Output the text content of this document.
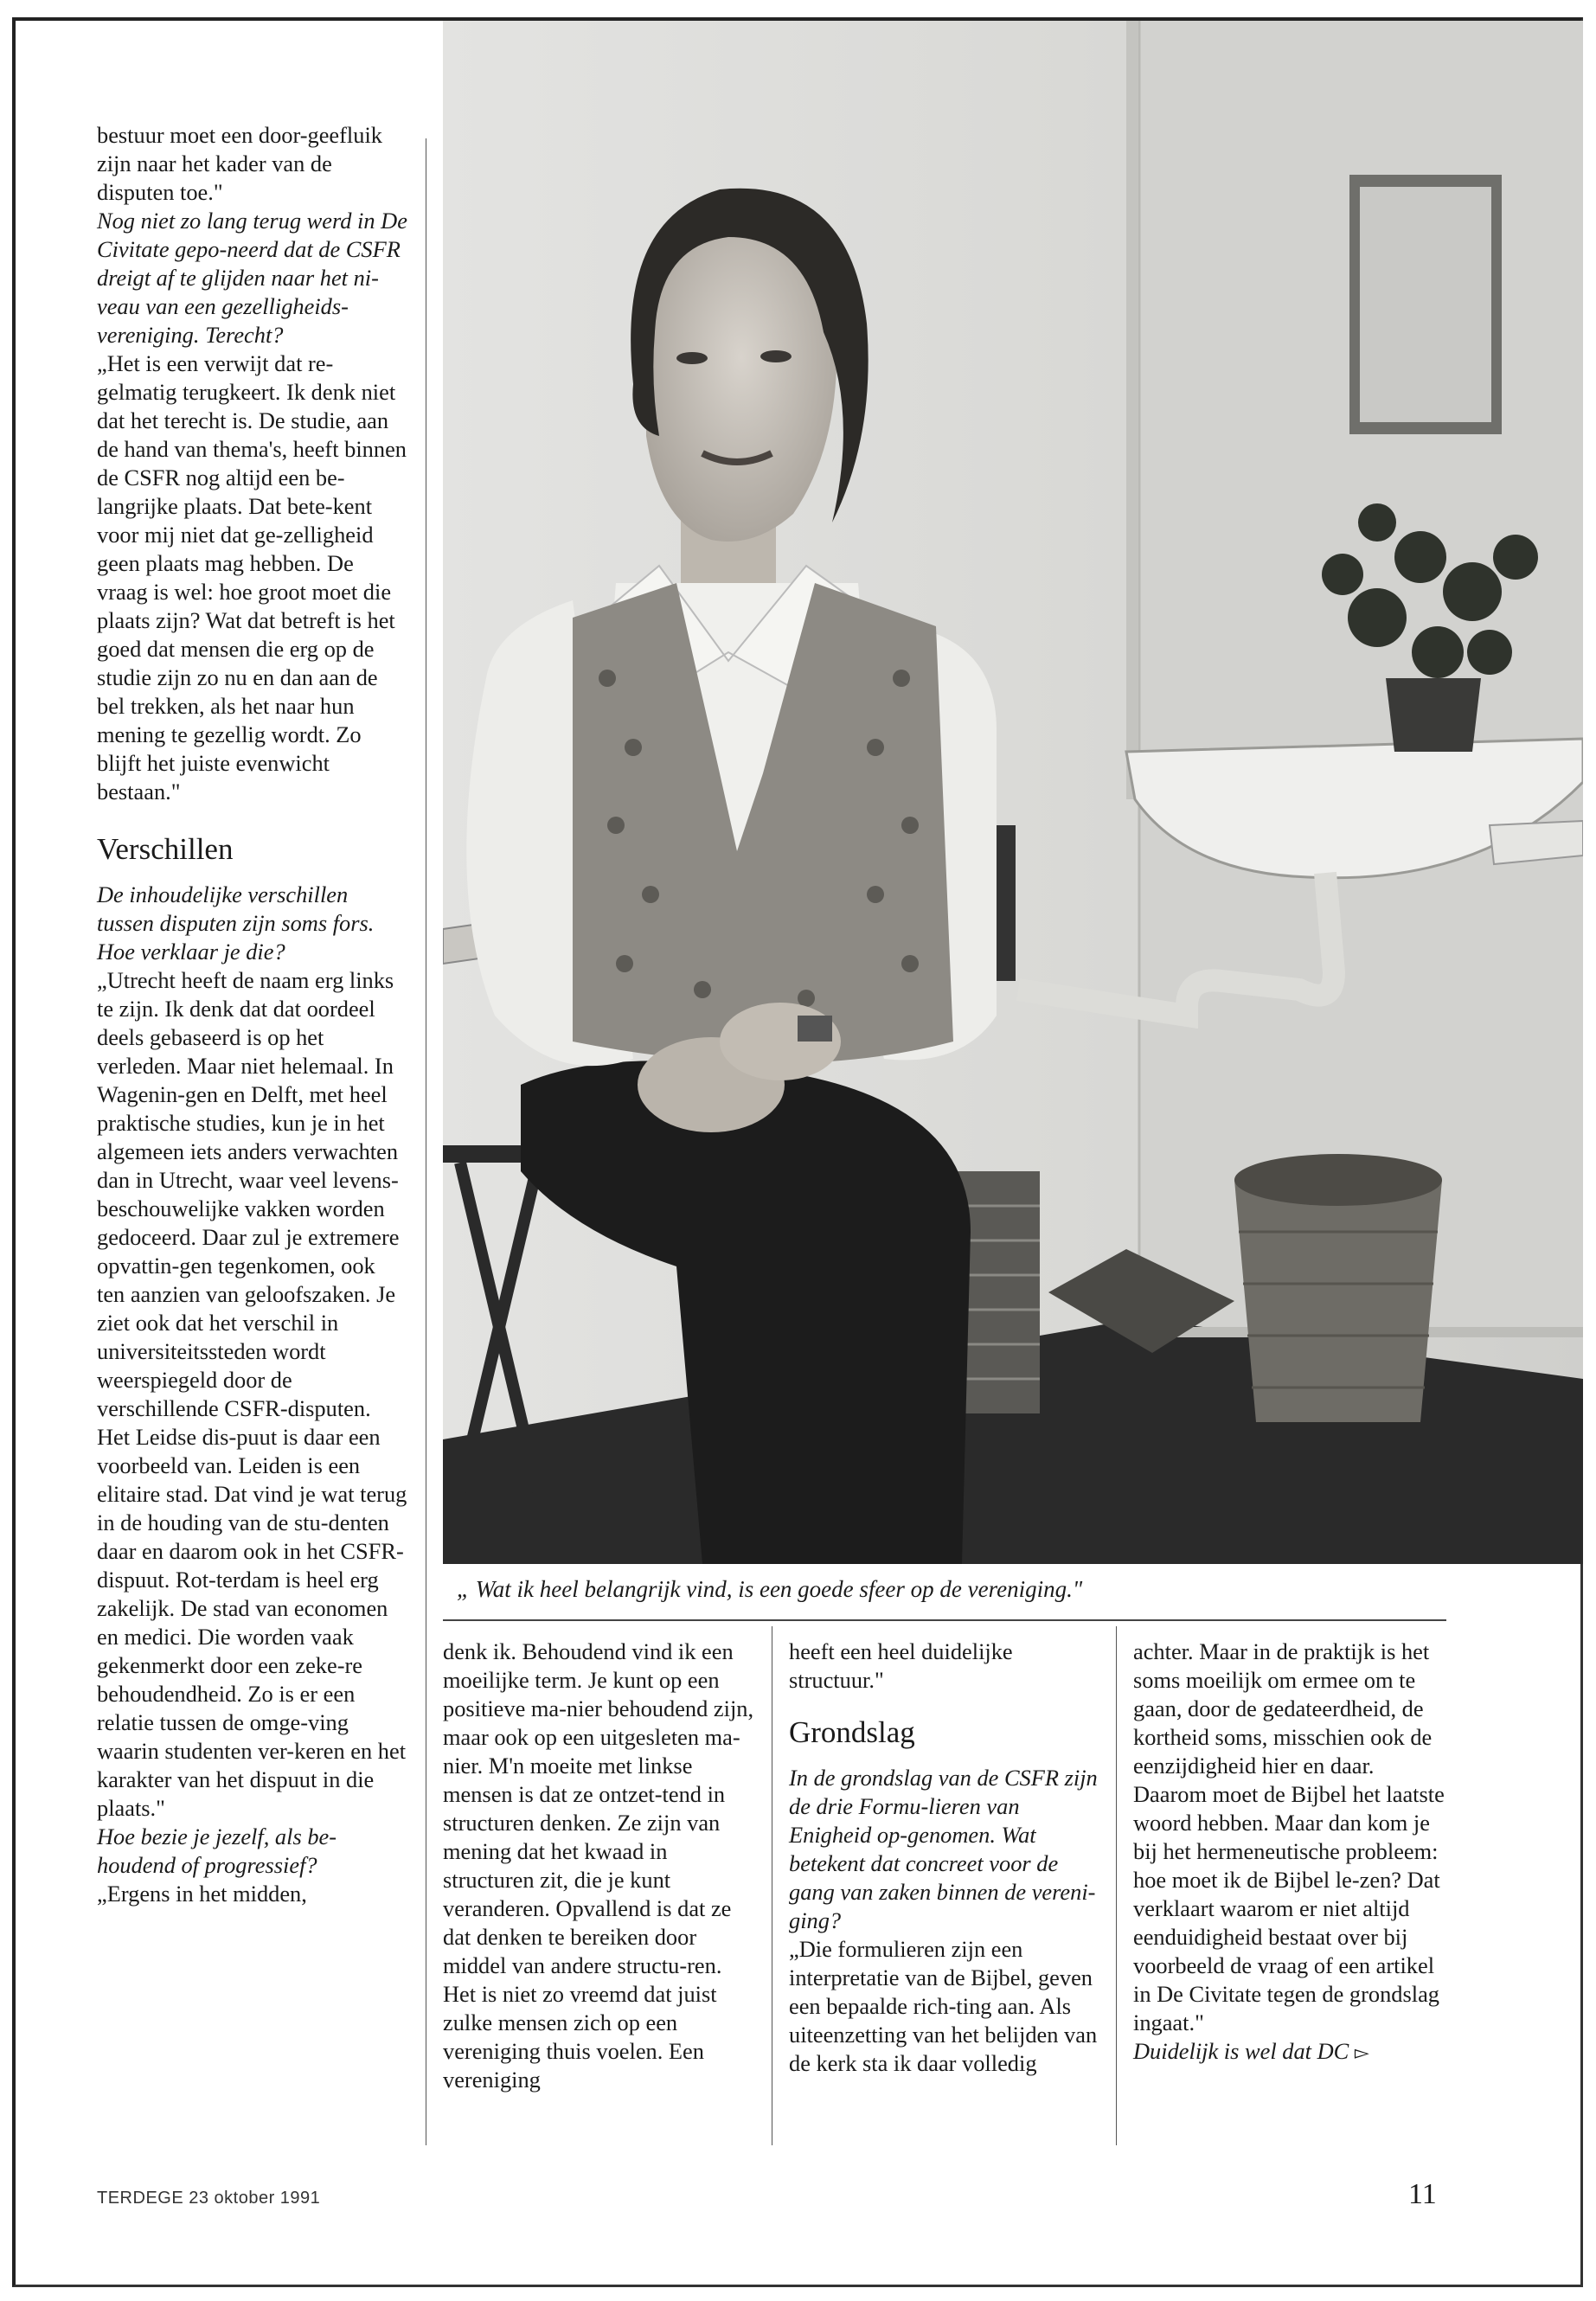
bestuur moet een door-geefluik zijn naar het kader van de disputen toe."

Nog niet zo lang terug werd in De Civitate gepo-neerd dat de CSFR dreigt af te glijden naar het ni-veau van een gezelligheids-vereniging. Terecht?

„Het is een verwijt dat re-gelmatig terugkeert. Ik denk niet dat het terecht is. De studie, aan de hand van thema's, heeft binnen de CSFR nog altijd een be-langrijke plaats. Dat bete-kent voor mij niet dat ge-zelligheid geen plaats mag hebben. De vraag is wel: hoe groot moet die plaats zijn? Wat dat betreft is het goed dat mensen die erg op de studie zijn zo nu en dan aan de bel trekken, als het naar hun mening te gezellig wordt. Zo blijft het juiste evenwicht bestaan."

Verschillen

De inhoudelijke verschillen tussen disputen zijn soms fors. Hoe verklaar je die?

„Utrecht heeft de naam erg links te zijn. Ik denk dat dat oordeel deels gebaseerd is op het verleden. Maar niet helemaal. In Wagenin-gen en Delft, met heel praktische studies, kun je in het algemeen iets anders verwachten dan in Utrecht, waar veel levens-beschouwelijke vakken worden gedoceerd. Daar zul je extremere opvattin-gen tegenkomen, ook ten aanzien van geloofszaken. Je ziet ook dat het verschil in universiteitssteden wordt weerspiegeld door de verschillende CSFR-disputen. Het Leidse dis-puut is daar een voorbeeld van. Leiden is een elitaire stad. Dat vind je wat terug in de houding van de stu-denten daar en daarom ook in het CSFR-dispuut. Rot-terdam is heel erg zakelijk. De stad van economen en medici. Die worden vaak gekenmerkt door een zeke-re behoudendheid. Zo is er een relatie tussen de omge-ving waarin studenten ver-keren en het karakter van het dispuut in die plaats."

Hoe bezie je jezelf, als be-houdend of progressief?

„Ergens in het midden,

„ Wat ik heel belangrijk vind, is een goede sfeer op de vereniging."

denk ik. Behoudend vind ik een moeilijke term. Je kunt op een positieve ma-nier behoudend zijn, maar ook op een uitgesleten ma-nier. M'n moeite met linkse mensen is dat ze ontzet-tend in structuren denken. Ze zijn van mening dat het kwaad in structuren zit, die je kunt veranderen. Opvallend is dat ze dat denken te bereiken door middel van andere structu-ren. Het is niet zo vreemd dat juist zulke mensen zich op een vereniging thuis voelen. Een vereniging

heeft een heel duidelijke structuur."

Grondslag

In de grondslag van de CSFR zijn de drie Formu-lieren van Enigheid op-genomen. Wat betekent dat concreet voor de gang van zaken binnen de vereni-ging?

„Die formulieren zijn een interpretatie van de Bijbel, geven een bepaalde rich-ting aan. Als uiteenzetting van het belijden van de kerk sta ik daar volledig

achter. Maar in de praktijk is het soms moeilijk om ermee om te gaan, door de gedateerdheid, de kortheid soms, misschien ook de eenzijdigheid hier en daar. Daarom moet de Bijbel het laatste woord hebben. Maar dan kom je bij het hermeneutische probleem: hoe moet ik de Bijbel le-zen? Dat verklaart waarom er niet altijd eenduidigheid bestaat over bij voorbeeld de vraag of een artikel in De Civitate tegen de grondslag ingaat."

Duidelijk is wel dat DC ▻

TERDEGE 23 oktober 1991	11
